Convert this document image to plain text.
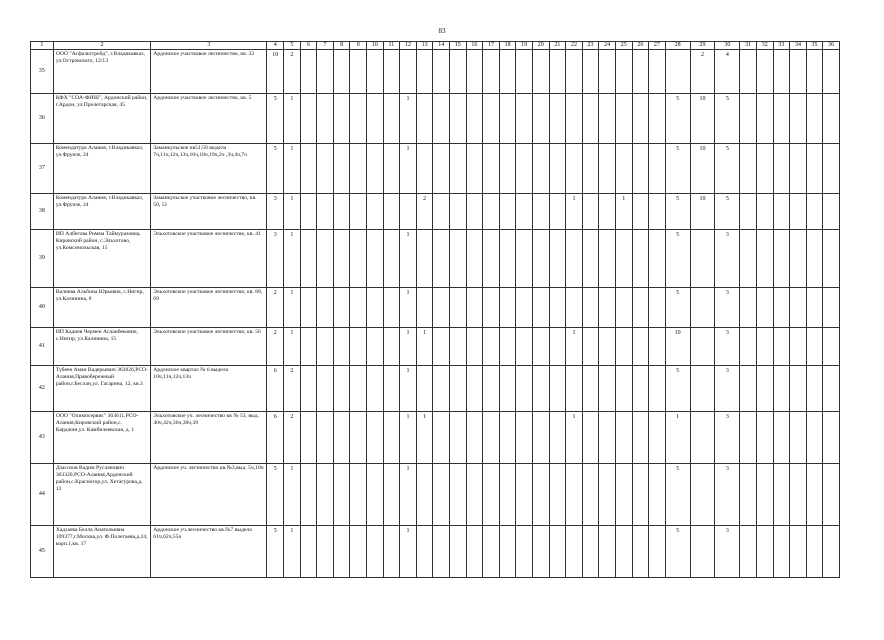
83
1	2	3	4	5	6	7	8	9	10	11	12	13	14	15	16	17	18	19	20	21	22	23	24	25	26	27	28	29	30	31	32	33	34	35	36
35	ООО "Асфальттрейд", г.Владикавказ, ул.Островского, 12/13	Ардонское участковое лесничество, кв. 32	10	2																								2	4						
36	КФХ "СОА-ФИШ", Ардонский район, г.Ардон, ул.Пролетарская, 45	Ардонское участковое лесничество, кв. 5	5	1							1																5	10	5						
37	Комендатура Алания, г.Владикавказ, ул.Фрунзе, 24	Заманкульское кв51;50 выдела 7ч,11ч,12ч,13ч,16ч,18ч,19ч,2ч ,3ч,4ч,7ч	5	1							1																5	10	5						
38	Комендатура Алания, г.Владикавказ, ул.Фрунзе, 24	Заманкульское участковое лесничество, кв. 50, 51	3	1								2									1			1			5	10	5						
39	ИП Албегова Римма Таймуразовна, Кировский район, с.Эльхотово, ул.Комсомольская, 15	Эльхотовское участковое лесничество, кв. 41	3	1							1																5		3						
40	Валиева Альбина Юрьевна, с.Нигир, ул.Калинина, 8	Эльхотовское участковое лесничество, кв. 68, 69	2	1							1																5		3						
41	ИП Кадиев Чермен Асланбекович, с.Нигир, ул.Калинина, 15	Эльхотовское участковое лесничество, кв. 56	2	1							1	1									1						10		3						
42	Тубеев Аман Вадерьевич 363026,РСО-Алания,Правобережный район,г.Беслан,ул. Гагарина, 12, кв.3	Ардонское квартал № 6 выдела 10ч,11ч,12ч,13ч	6	2							1																5		3						
43	ООО "Олимпсервис" 363611,РСО-Алания,Кировский район,с. Карджин,ул. Камбилеевская, д. 1	Эльхотовское уч. лесничество кв № 53, выд. 40ч,42ч,36ч,30ч,39	6	2							1	1									1						1		3						
44	Дзасохов Вадим Русланович 363320,РСО-Алания,Ардонский район,с.Красногор,ул. Хетагурова,д. 12	Ардонское уч. лесничество кв.№3,выд. 5ч,10ч	5	1							1																5		3						
45	Хадзаева Белла Анатольевна 109377,г.Москва,ул. Ф.Полетаева,д.24, корп.1,кв. 17	Ардонское уч.лесничество кв.№7 выдела 61ч,62ч,55ч	5	1							1																5		3						
